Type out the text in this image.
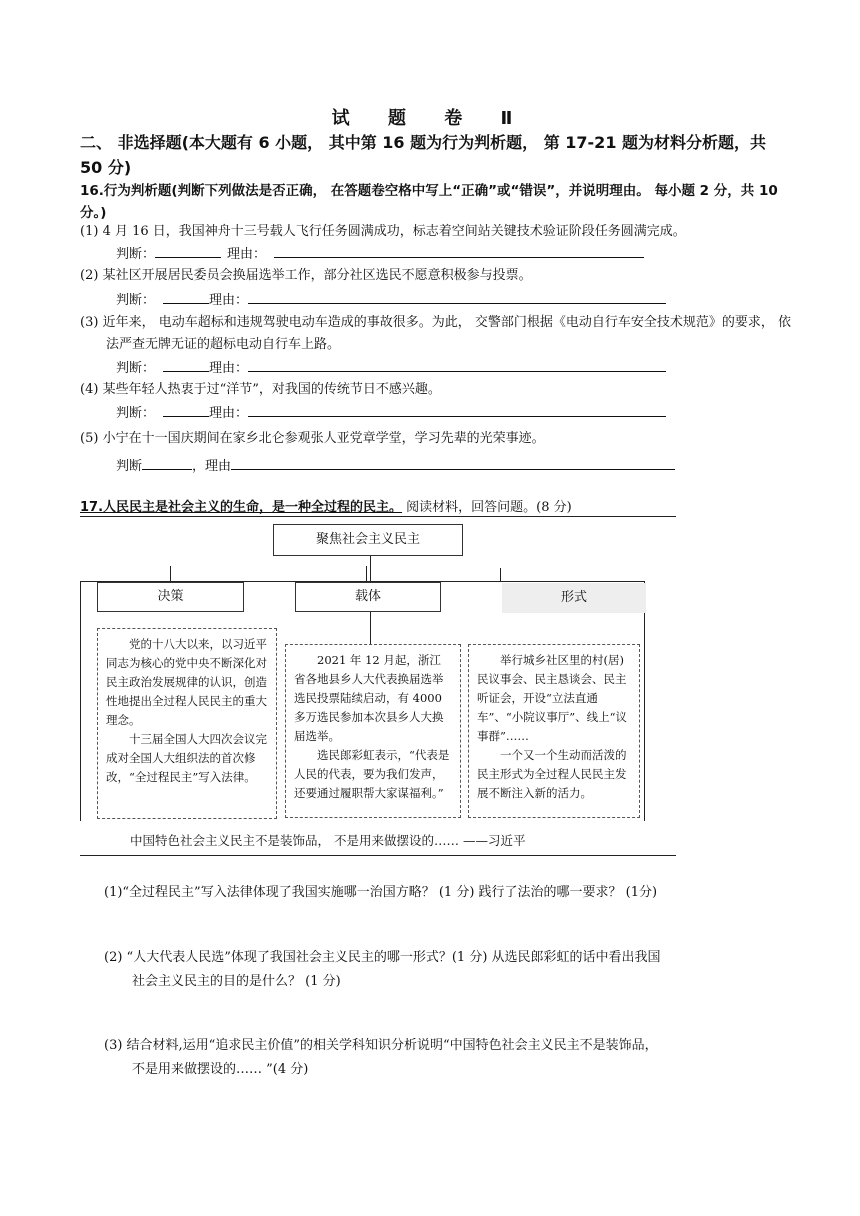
试 题 卷 Ⅱ
二、 非选择题(本大题有 6 小题， 其中第 16 题为行为判析题， 第 17-21 题为材料分析题，共 50 分)
16.行为判析题(判断下列做法是否正确， 在答题卷空格中写上“正确”或“错误”，并说明理由。 每小题 2 分，共 10 分。)
(1) 4 月 16 日，我国神舟十三号载人飞行任务圆满成功，标志着空间站关键技术验证阶段任务圆满完成。
判断：	理由：
(2) 某社区开展居民委员会换届选举工作，部分社区选民不愿意积极参与投票。
判断：	理由：
(3) 近年来， 电动车超标和违规驾驶电动车造成的事故很多。为此， 交警部门根据《电动自行车安全技术规范》的要求， 依法严查无牌无证的超标电动自行车上路。
判断：	理由：
(4) 某些年轻人热衷于过“洋节”，对我国的传统节日不感兴趣。
判断：	理由：
(5) 小宁在十一国庆期间在家乡北仑参观张人亚党章学堂，学习先辈的光荣事迹。
判断	，理由
17.人民民主是社会主义的生命，是一种全过程的民主。 阅读材料，回答问题。(8 分)
聚焦社会主义民主
决策	载体	形式

党的十八大以来，以习近平同志为核心的党中央不断深化对民主政治发展规律的认识，创造性地提出全过程人民民主的重大理念。

十三届全国人大四次会议完成对全国人大组织法的首次修改，“全过程民主”写入法律。

2021 年 12 月起，浙江省各地县乡人大代表换届选举选民投票陆续启动，有 4000 多万选民参加本次县乡人大换届选举。

选民郎彩虹表示，“代表是人民的代表，要为我们发声，还要通过履职帮大家谋福利。”

举行城乡社区里的村(居)民议事会、民主恳谈会、民主听证会，开设“立法直通车”、“小院议事厅”、线上“议事群”……

一个又一个生动而活泼的民主形式为全过程人民民主发展不断注入新的活力。

中国特色社会主义民主不是装饰品， 不是用来做摆设的…… ——习近平
(1)“全过程民主”写入法律体现了我国实施哪一治国方略？ (1 分) 践行了法治的哪一要求？ (1分)
(2) “人大代表人民选”体现了我国社会主义民主的哪一形式？(1 分) 从选民郎彩虹的话中看出我国
社会主义民主的目的是什么？ (1 分)
(3) 结合材料,运用“追求民主价值”的相关学科知识分析说明“中国特色社会主义民主不是装饰品，
不是用来做摆设的…… ”(4 分)
